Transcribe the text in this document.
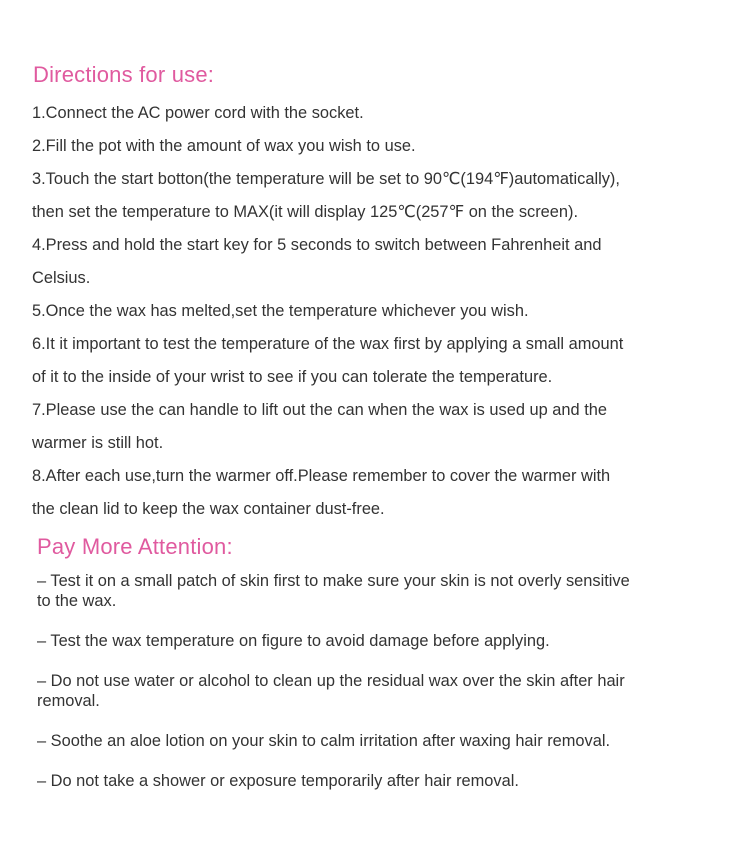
Directions for use:
1.Connect the AC power cord with the socket.
2.Fill the pot with the amount of wax you wish to use.
3.Touch the start botton(the temperature will be set to 90℃(194℉)automatically),
then set the temperature to MAX(it will display 125℃(257℉ on the screen).
4.Press and hold the start key for 5 seconds to switch between Fahrenheit and
Celsius.
5.Once the wax has melted,set the temperature whichever you wish.
6.It it important to test the temperature of the wax first by applying a small amount
of it to the inside of your wrist to see if you can tolerate the temperature.
7.Please use the can handle to lift out the can when the wax is used up and the
warmer is still hot.
8.After each use,turn the warmer off.Please remember to cover the warmer with
the clean lid to keep the wax container dust-free.
Pay More Attention:
– Test it on a small patch of skin first to make sure your skin is not overly sensitive
to the wax.
– Test the wax temperature on figure to avoid damage before applying.
– Do not use water or alcohol to clean up the residual wax over the skin after hair
removal.
– Soothe an aloe lotion on your skin to calm irritation after waxing hair removal.
– Do not take a shower or exposure temporarily after hair removal.
